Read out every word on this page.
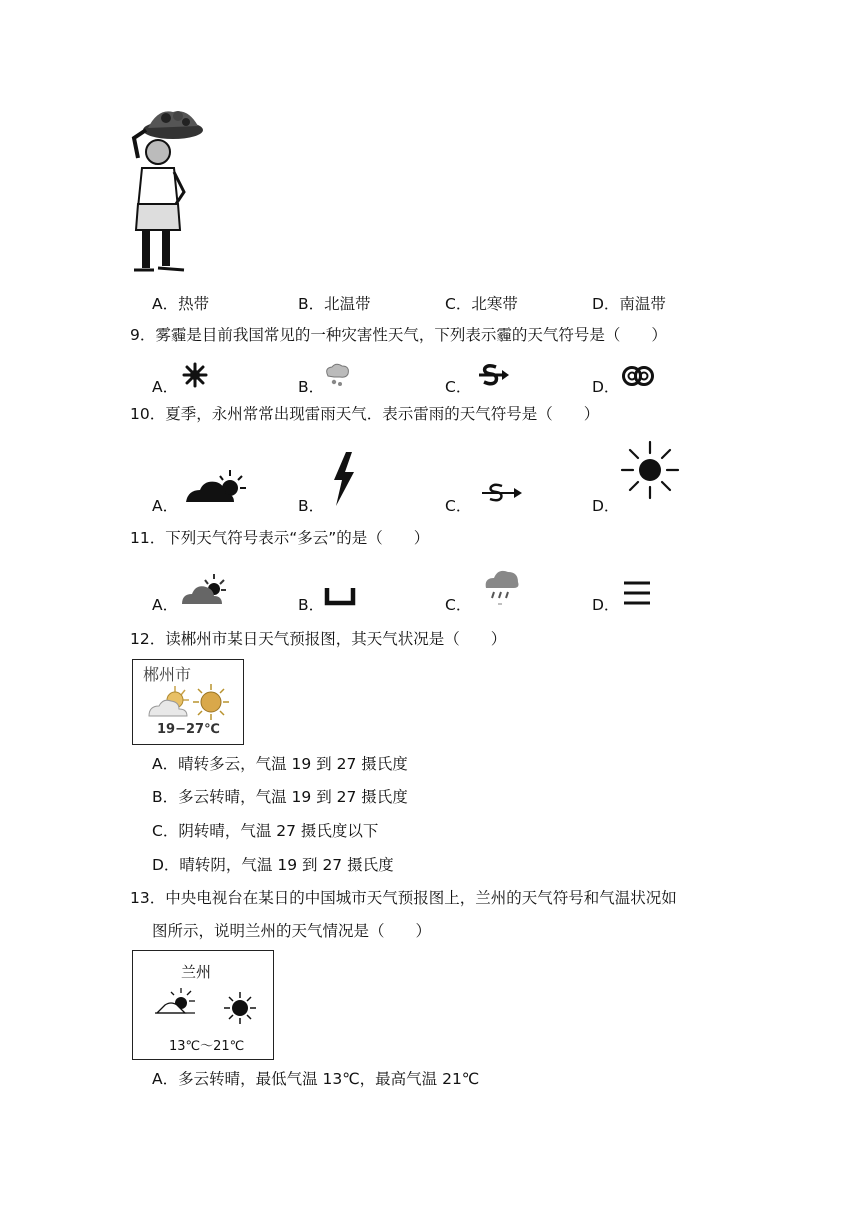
A．热带	B．北温带	C．北寒带	D．南温带
9．雾霾是目前我国常见的一种灾害性天气，下列表示霾的天气符号是（　　）
A．	B．	C．	D．
10．夏季，永州常常出现雷雨天气．表示雷雨的天气符号是（　　）
A．	B．	C．	D．
11．下列天气符号表示“多云”的是（　　）
A．	B．	C．	D．
12．读郴州市某日天气预报图，其天气状况是（　　）
郴州市
19−27℃
A．晴转多云，气温 19 到 27 摄氏度
B．多云转晴，气温 19 到 27 摄氏度
C．阴转晴，气温 27 摄氏度以下
D．晴转阴，气温 19 到 27 摄氏度
13．中央电视台在某日的中国城市天气预报图上，兰州的天气符号和气温状况如
图所示，说明兰州的天气情况是（　　）
兰州
13℃～21℃
A．多云转晴，最低气温 13℃，最高气温 21℃
